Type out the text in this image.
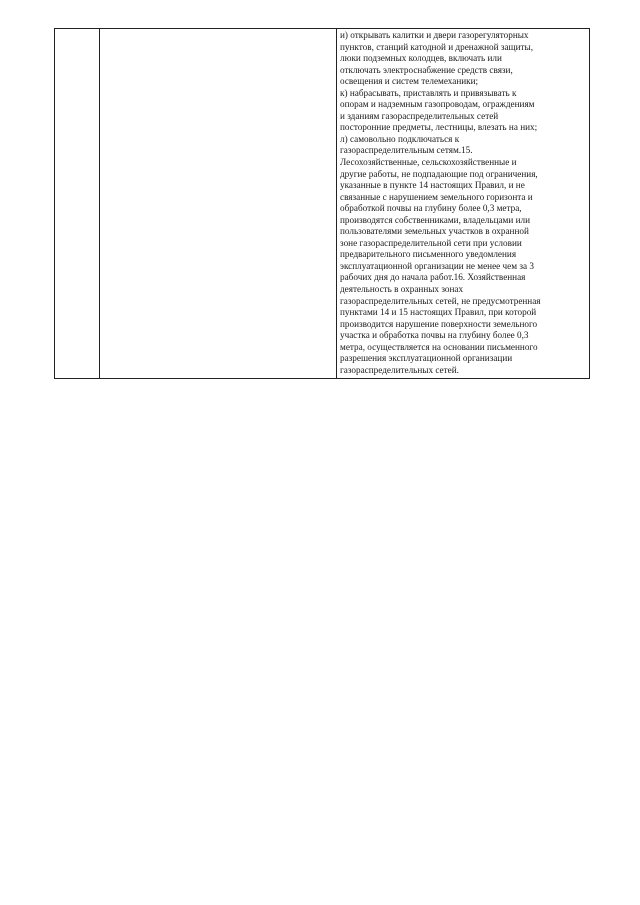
и) открывать калитки и двери газорегуляторных
пунктов, станций катодной и дренажной защиты,
люки подземных колодцев, включать или
отключать электроснабжение средств связи,
освещения и систем телемеханики;
к) набрасывать, приставлять и привязывать к
опорам и надземным газопроводам, ограждениям
и зданиям газораспределительных сетей
посторонние предметы, лестницы, влезать на них;
л) самовольно подключаться к
газораспределительным сетям.15.
Лесохозяйственные, сельскохозяйственные и
другие работы, не подпадающие под ограничения,
указанные в пункте 14 настоящих Правил, и не
связанные с нарушением земельного горизонта и
обработкой почвы на глубину более 0,3 метра,
производятся собственниками, владельцами или
пользователями земельных участков в охранной
зоне газораспределительной сети при условии
предварительного письменного уведомления
эксплуатационной организации не менее чем за 3
рабочих дня до начала работ.16. Хозяйственная
деятельность в охранных зонах
газораспределительных сетей, не предусмотренная
пунктами 14 и 15 настоящих Правил, при которой
производится нарушение поверхности земельного
участка и обработка почвы на глубину более 0,3
метра, осуществляется на основании письменного
разрешения эксплуатационной организации
газораспределительных сетей.
